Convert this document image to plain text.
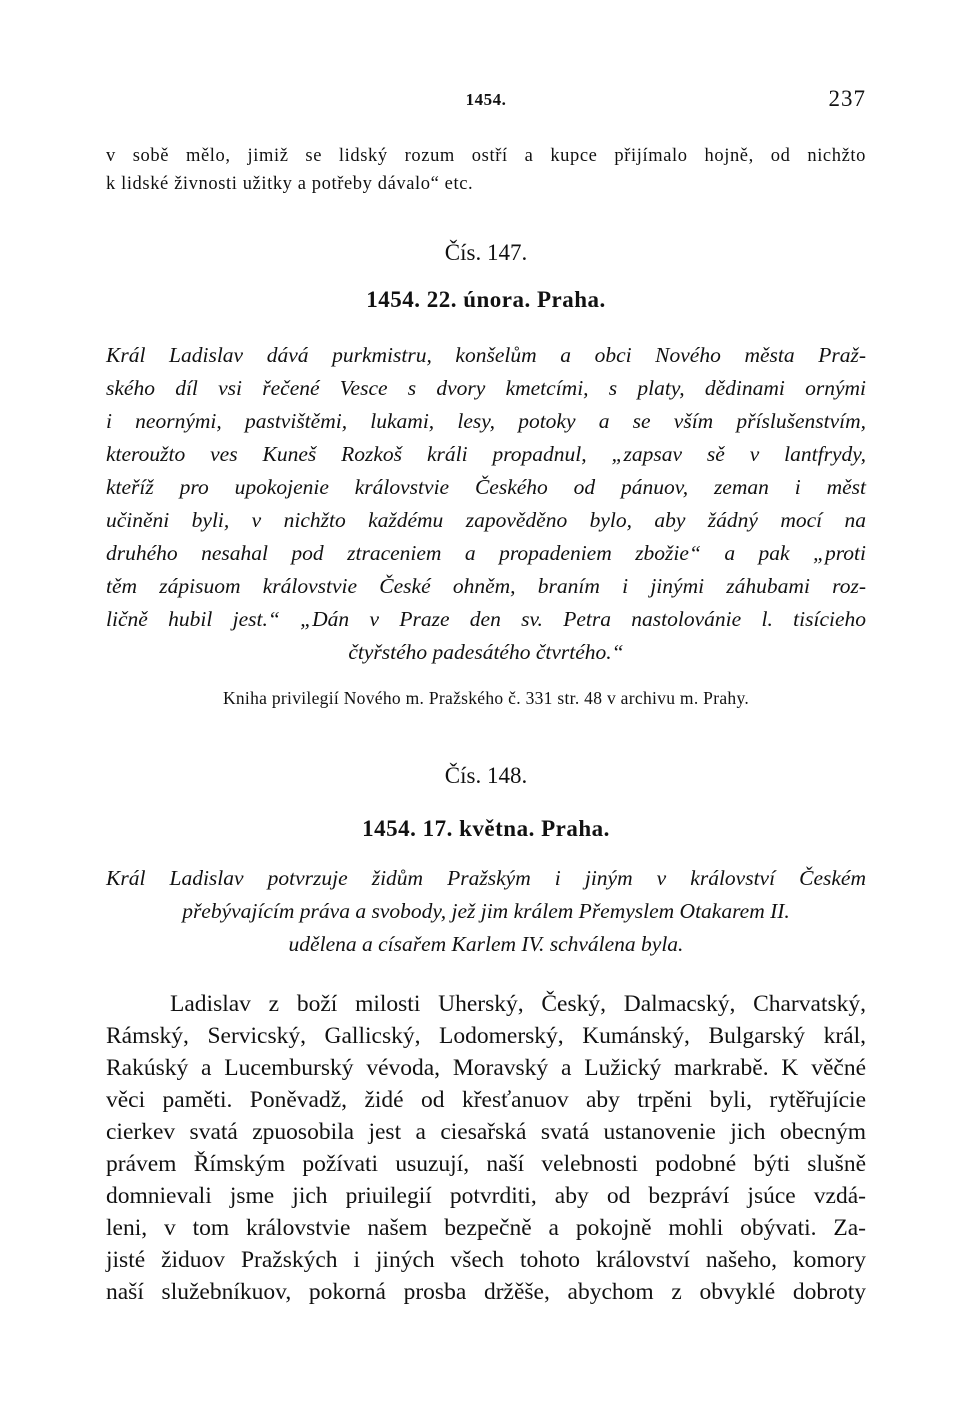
1454.	237
v sobě mělo, jimiž se lidský rozum ostří a kupce přijímalo hojně, od nichžto
k lidské živnosti užitky a potřeby dávalo“ etc.
Čís. 147.
1454. 22. února. Praha.
Král Ladislav dává purkmistru, konšelům a obci Nového města Praž-
ského díl vsi řečené Vesce s dvory kmetcími, s platy, dědinami ornými
i neornými, pastvištěmi, lukami, lesy, potoky a se vším příslušenstvím,
kteroužto ves Kuneš Rozkoš králi propadnul, „zapsav sě v lantfrydy,
kteříž pro upokojenie královstvie Českého od pánuov, zeman i měst
učiněni byli, v nichžto každému zapověděno bylo, aby žádný mocí na
druhého nesahal pod ztraceniem a propadeniem zbožie“ a pak „proti
těm zápisuom královstvie České ohněm, braním i jinými záhubami roz-
ličně hubil jest.“ „Dán v Praze den sv. Petra nastolovánie l. tisícieho
čtyřstého padesátého čtvrtého.“
Kniha privilegií Nového m. Pražského č. 331 str. 48 v archivu m. Prahy.
Čís. 148.
1454. 17. května. Praha.
Král Ladislav potvrzuje židům Pražským i jiným v království Českém
přebývajícím práva a svobody, jež jim králem Přemyslem Otakarem II.
udělena a císařem Karlem IV. schválena byla.
Ladislav z boží milosti Uherský, Český, Dalmacský, Charvatský,
Rámský, Servicský, Gallicský, Lodomerský, Kumánský, Bulgarský král,
Rakúský a Lucemburský vévoda, Moravský a Lužický markrabě. K věčné
věci paměti. Poněvadž, židé od křesťanuov aby trpěni byli, rytěřujície
cierkev svatá zpuosobila jest a ciesařská svatá ustanovenie jich obecným
právem Římským požívati usuzují, naší velebnosti podobné býti slušně
domnievali jsme jich priuilegií potvrditi, aby od bezpráví jsúce vzdá-
leni, v tom královstvie našem bezpečně a pokojně mohli obývati. Za-
jisté židuov Pražských i jiných všech tohoto království našeho, komory
naší služebníkuov, pokorná prosba držěše, abychom z obvyklé dobroty
